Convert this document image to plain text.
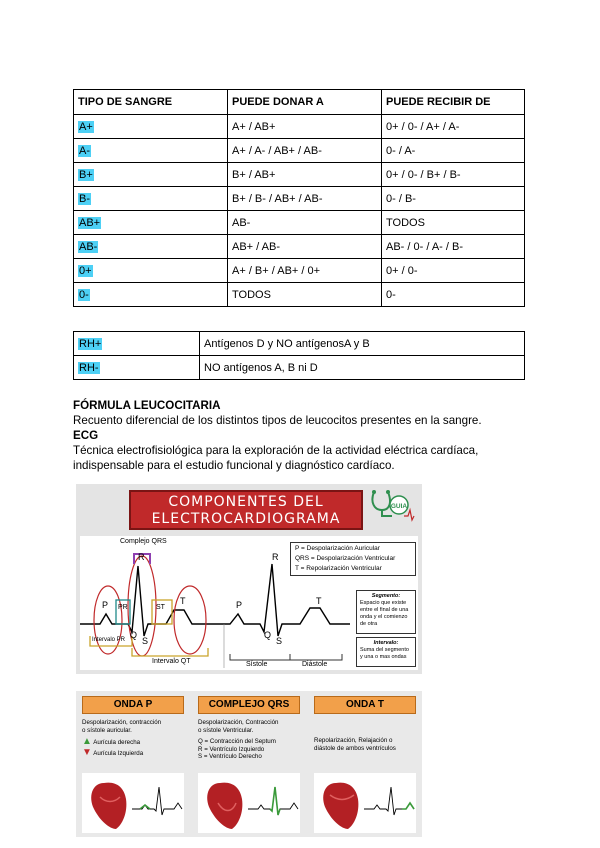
TIPO DE SANGRE	PUEDE DONAR A	PUEDE RECIBIR DE
A+	A+ / AB+	0+ / 0- / A+ / A-
A-	A+ / A- / AB+ / AB-	0- / A-
B+	B+ / AB+	0+ / 0- / B+ / B-
B-	B+ / B- / AB+ / AB-	0- / B-
AB+	AB-	TODOS
AB-	AB+ / AB-	AB- / 0- / A- / B-
0+	A+ / B+ / AB+ / 0+	0+ / 0-
0-	TODOS	0-
RH+	Antígenos D y NO antígenosA y B
RH-	NO antígenos A, B ni D
FÓRMULA LEUCOCITARIA
Recuento diferencial de los distintos tipos de leucocitos presentes en la sangre.
ECG
Técnica electrofisiológica para la exploración de la actividad eléctrica cardíaca,
indispensable para el estudio funcional y diagnóstico cardíaco.
COMPONENTES DEL
ELECTROCARDIOGRAMA
GUIA
Complejo QRS
R	R
P	P
T	T
Q
S
Q
S
PR	ST
Intervalo PR
Intervalo QT	Sístole	Diástole
P = Despolarización Auricular
QRS = Despolarización Ventricular
T = Repolarización Ventricular
Segmento:
Espacio que existe entre el final de una onda y el comienzo de otra
Intervalo:
Suma del segmento y una o mas ondas
ONDA P
Despolarización, contracción
o sístole auricular.
▲ Aurícula derecha
▼ Aurícula Izquierda
COMPLEJO QRS
Despolarización, Contracción
o sístole Ventricular.
Q = Contracción del Septum
R = Ventrículo Izquierdo
S = Ventrículo Derecho
ONDA T
Repolarización, Relajación o
diástole de ambos ventrículos
